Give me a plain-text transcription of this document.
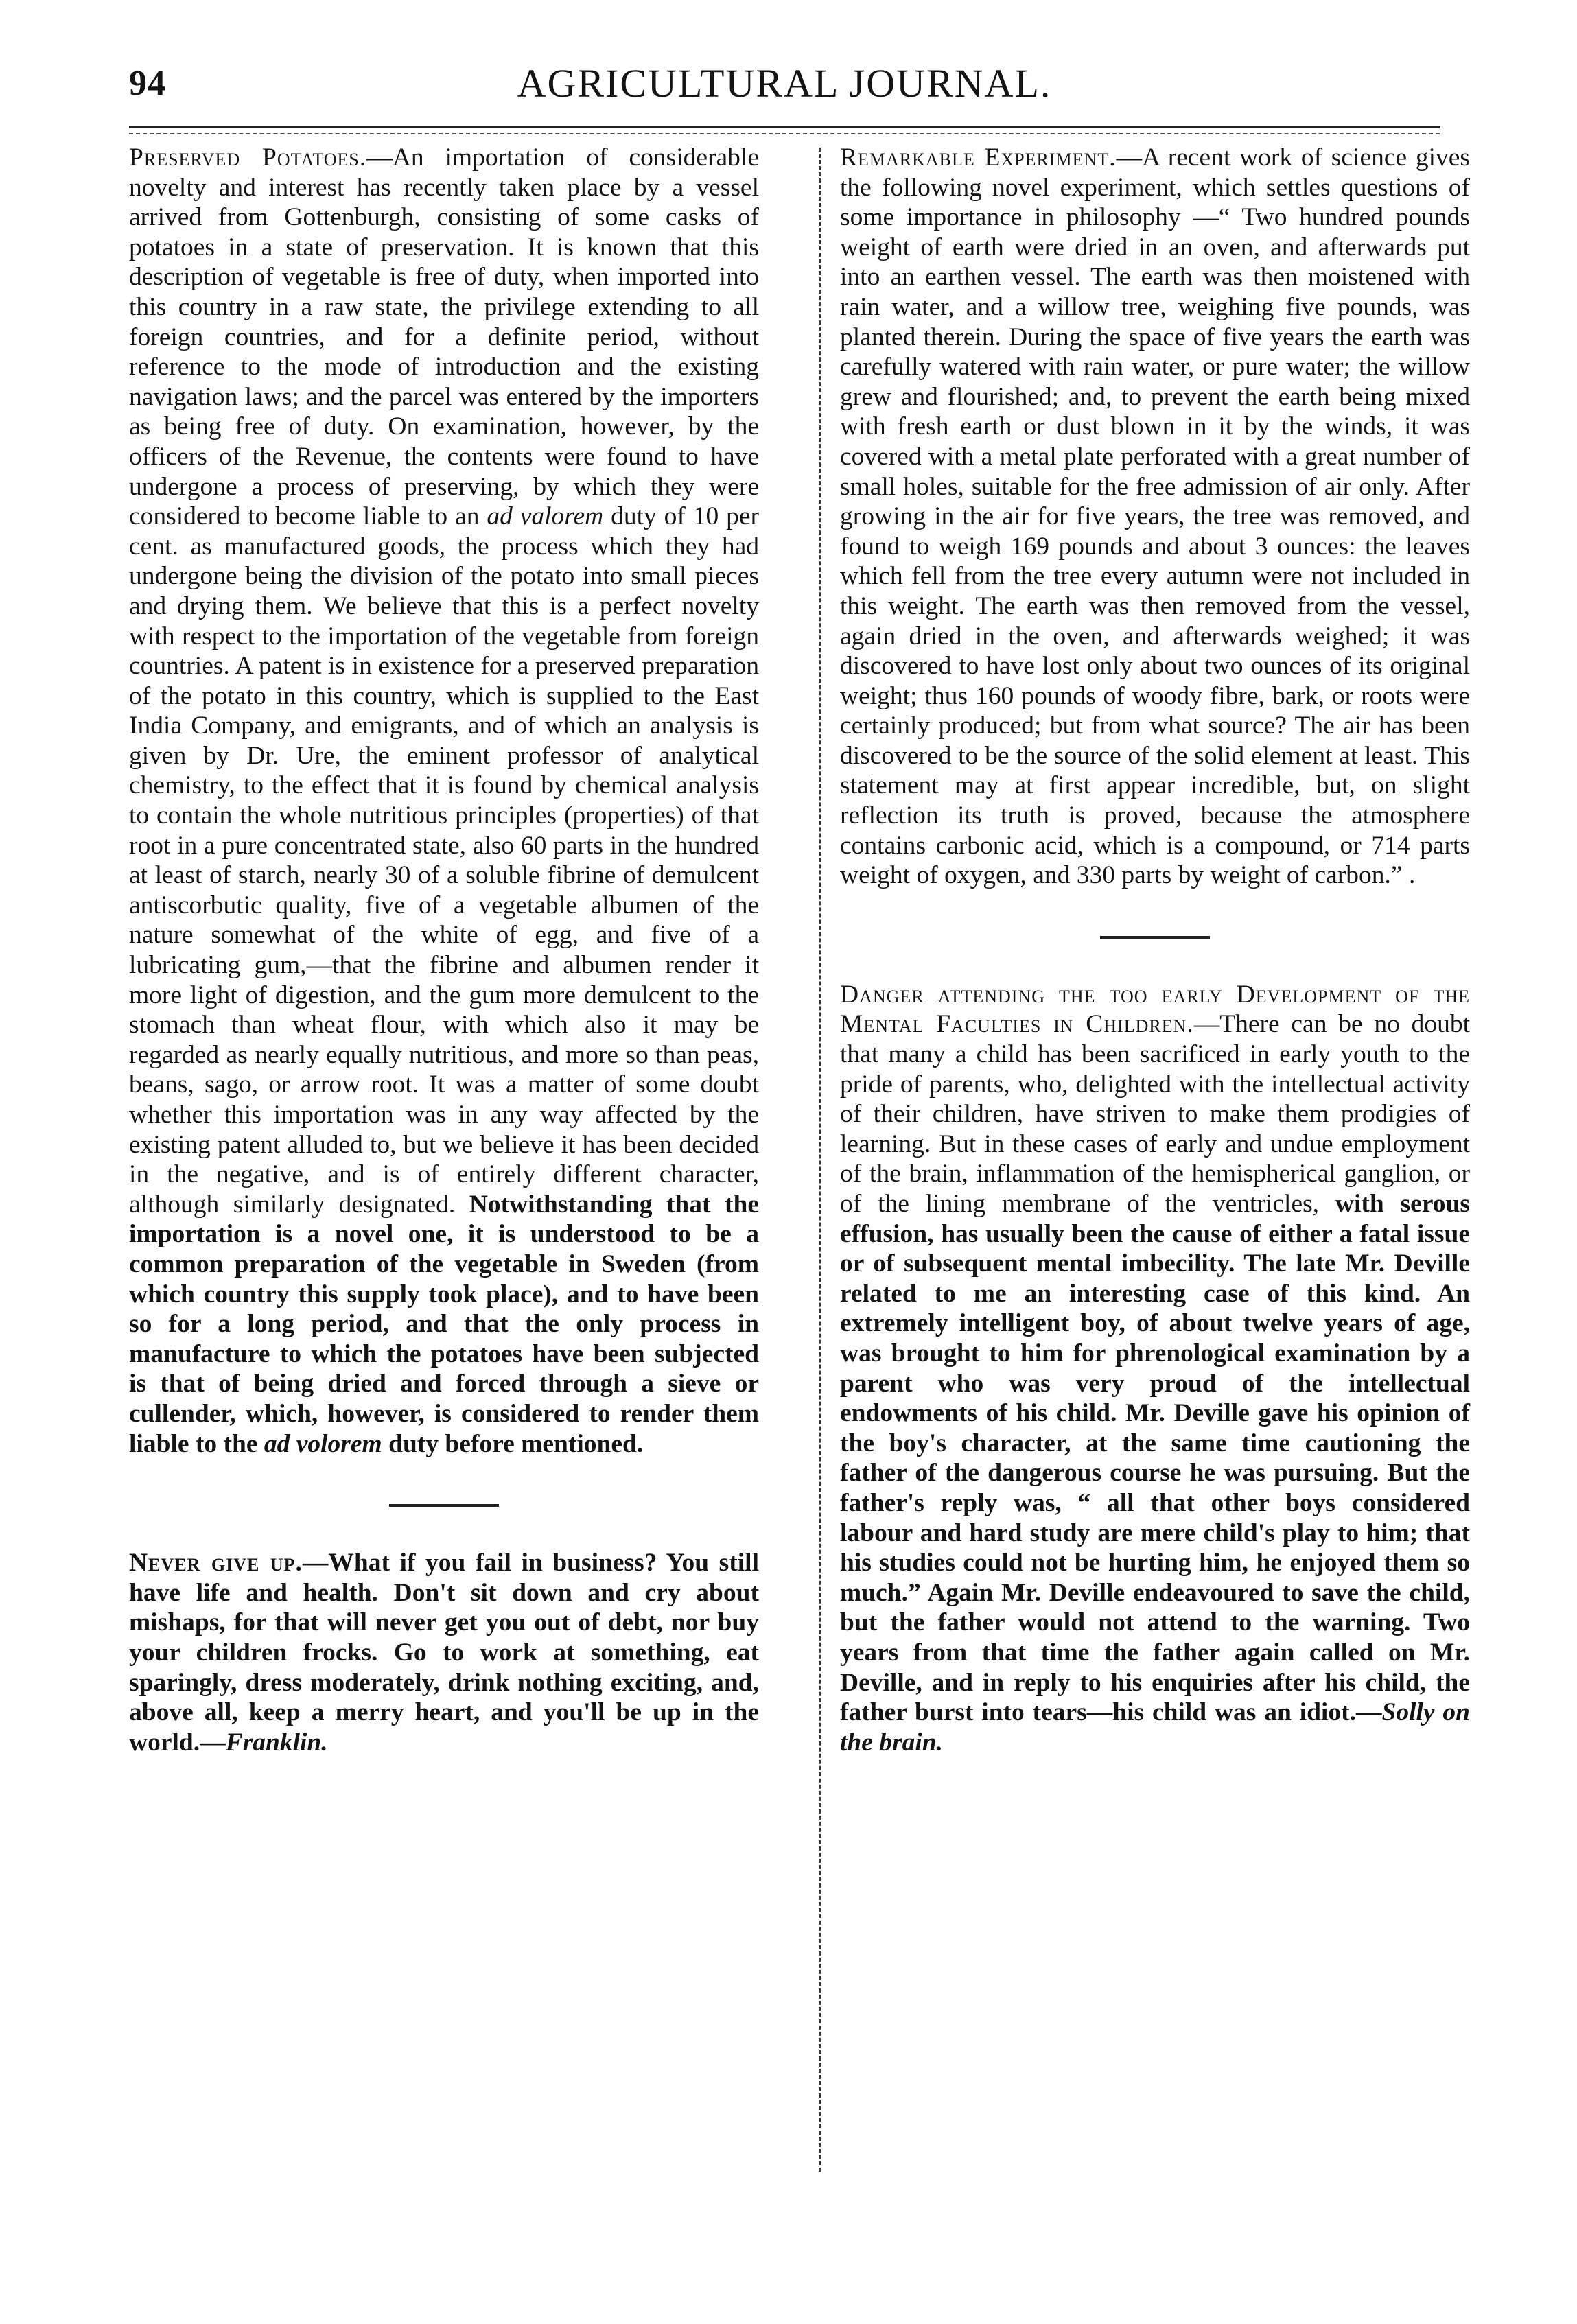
94	AGRICULTURAL JOURNAL.

Preserved Potatoes.—An importation of considerable novelty and interest has recently taken place by a vessel arrived from Gottenburgh, consisting of some casks of potatoes in a state of preservation. It is known that this description of vegetable is free of duty, when imported into this country in a raw state, the privilege extending to all foreign countries, and for a definite period, without reference to the mode of introduction and the existing navigation laws; and the parcel was entered by the importers as being free of duty. On examination, however, by the officers of the Revenue, the contents were found to have undergone a process of preserving, by which they were considered to become liable to an ad valorem duty of 10 per cent. as manufactured goods, the process which they had undergone being the division of the potato into small pieces and drying them. We believe that this is a perfect novelty with respect to the importation of the vegetable from foreign countries. A patent is in existence for a preserved preparation of the potato in this country, which is supplied to the East India Company, and emigrants, and of which an analysis is given by Dr. Ure, the eminent professor of analytical chemistry, to the effect that it is found by chemical analysis to contain the whole nutritious principles (properties) of that root in a pure concentrated state, also 60 parts in the hundred at least of starch, nearly 30 of a soluble fibrine of demulcent antiscorbutic quality, five of a vegetable albumen of the nature somewhat of the white of egg, and five of a lubricating gum,—that the fibrine and albumen render it more light of digestion, and the gum more demulcent to the stomach than wheat flour, with which also it may be regarded as nearly equally nutritious, and more so than peas, beans, sago, or arrow root. It was a matter of some doubt whether this importation was in any way affected by the existing patent alluded to, but we believe it has been decided in the negative, and is of entirely different character, although similarly designated. Notwithstanding that the importation is a novel one, it is understood to be a common preparation of the vegetable in Sweden (from which country this supply took place), and to have been so for a long period, and that the only process in manufacture to which the potatoes have been subjected is that of being dried and forced through a sieve or cullender, which, however, is considered to render them liable to the ad volorem duty before mentioned.

Never give up.—What if you fail in business? You still have life and health. Don't sit down and cry about mishaps, for that will never get you out of debt, nor buy your children frocks. Go to work at something, eat sparingly, dress moderately, drink nothing exciting, and, above all, keep a merry heart, and you'll be up in the world.—Franklin.

Remarkable Experiment.—A recent work of science gives the following novel experiment, which settles questions of some importance in philosophy —“ Two hundred pounds weight of earth were dried in an oven, and afterwards put into an earthen vessel. The earth was then moistened with rain water, and a willow tree, weighing five pounds, was planted therein. During the space of five years the earth was carefully watered with rain water, or pure water; the willow grew and flourished; and, to prevent the earth being mixed with fresh earth or dust blown in it by the winds, it was covered with a metal plate perforated with a great number of small holes, suitable for the free admission of air only. After growing in the air for five years, the tree was removed, and found to weigh 169 pounds and about 3 ounces: the leaves which fell from the tree every autumn were not included in this weight. The earth was then removed from the vessel, again dried in the oven, and afterwards weighed; it was discovered to have lost only about two ounces of its original weight; thus 160 pounds of woody fibre, bark, or roots were certainly produced; but from what source? The air has been discovered to be the source of the solid element at least. This statement may at first appear incredible, but, on slight reflection its truth is proved, because the atmosphere contains carbonic acid, which is a compound, or 714 parts weight of oxygen, and 330 parts by weight of carbon.” .

Danger attending the too early Development of the Mental Faculties in Children.—There can be no doubt that many a child has been sacrificed in early youth to the pride of parents, who, delighted with the intellectual activity of their children, have striven to make them prodigies of learning. But in these cases of early and undue employment of the brain, inflammation of the hemispherical ganglion, or of the lining membrane of the ventricles, with serous effusion, has usually been the cause of either a fatal issue or of subsequent mental imbecility. The late Mr. Deville related to me an interesting case of this kind. An extremely intelligent boy, of about twelve years of age, was brought to him for phrenological examination by a parent who was very proud of the intellectual endowments of his child. Mr. Deville gave his opinion of the boy's character, at the same time cautioning the father of the dangerous course he was pursuing. But the father's reply was, “ all that other boys considered labour and hard study are mere child's play to him; that his studies could not be hurting him, he enjoyed them so much.” Again Mr. Deville endeavoured to save the child, but the father would not attend to the warning. Two years from that time the father again called on Mr. Deville, and in reply to his enquiries after his child, the father burst into tears—his child was an idiot.—Solly on the brain.
